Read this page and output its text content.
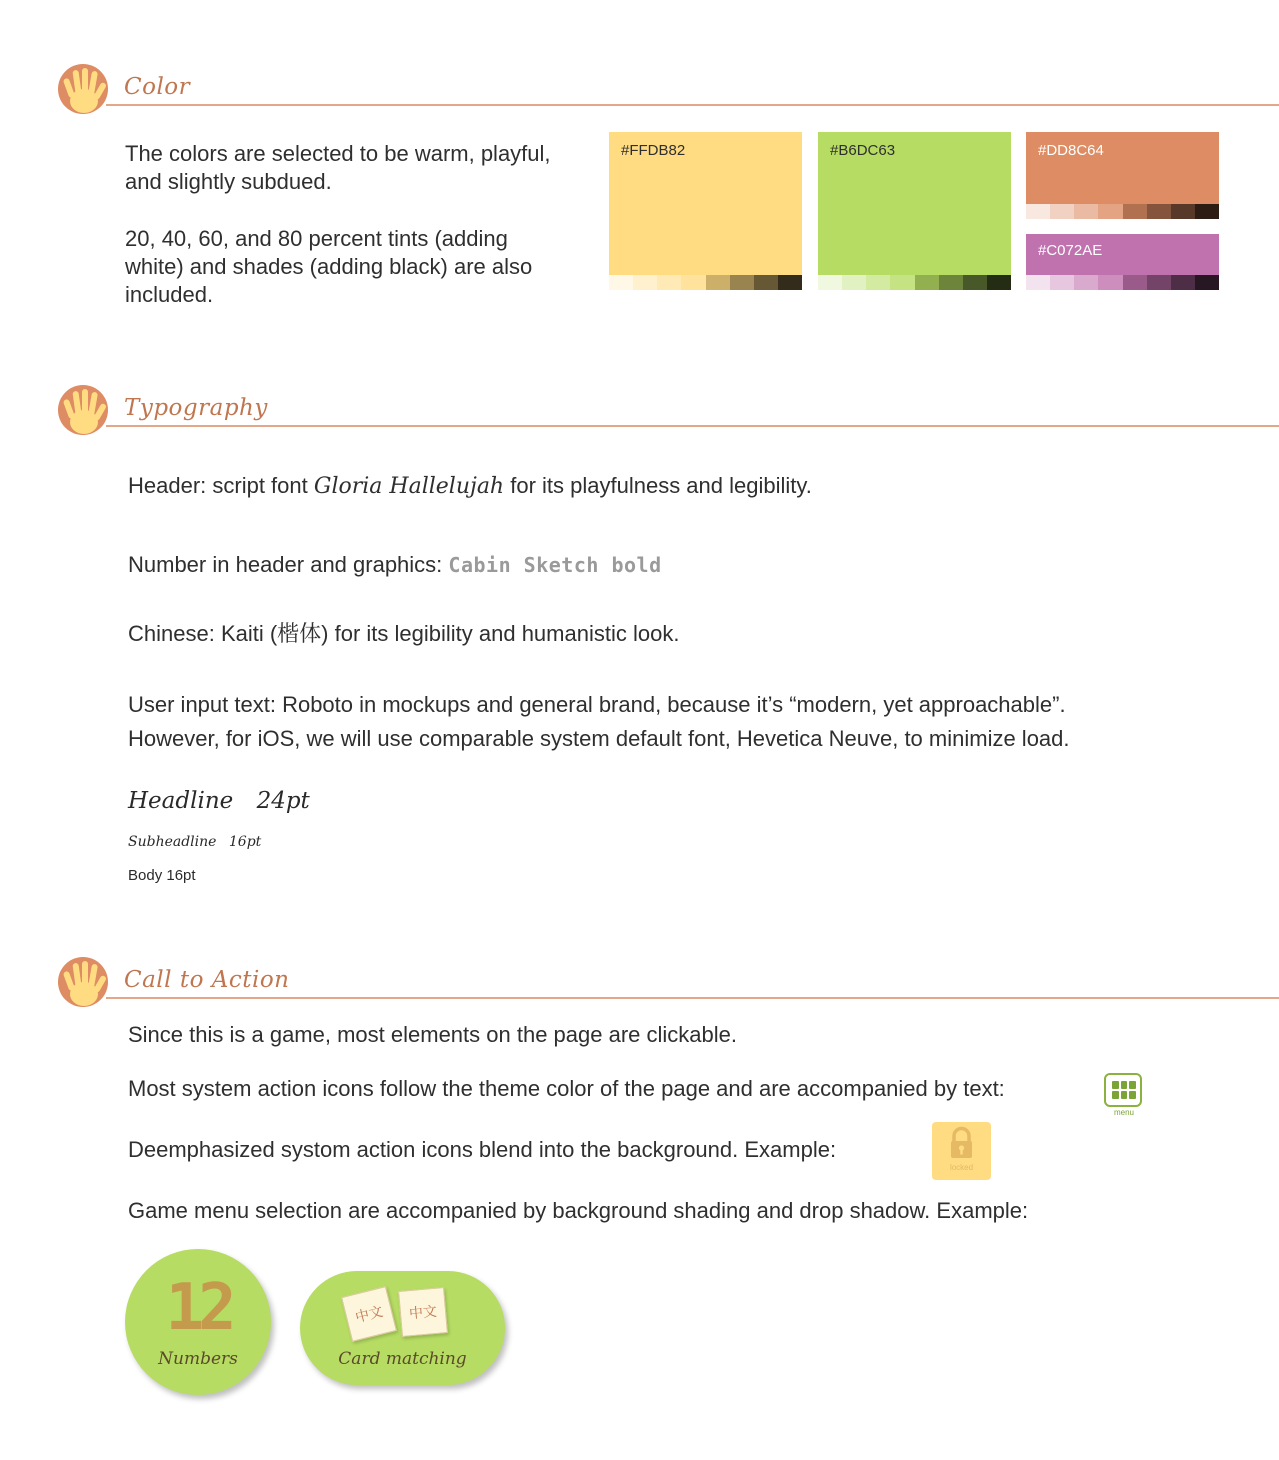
Color
The colors are selected to be warm, playful, and slightly subdued.
20, 40, 60, and 80 percent tints (adding white) and shades (adding black) are also included.
#FFDB82	#B6DC63	#DD8C64
#C072AE
Typography
Header: script font Gloria Hallelujah for its playfulness and legibility.
Number in header and graphics: Cabin Sketch bold
Chinese: Kaiti (楷体) for its legibility and humanistic look.
User input text: Roboto in mockups and general brand, because it’s “modern, yet approachable”.
However, for iOS, we will use comparable system default font, Hevetica Neuve, to minimize load.
Headline 24pt
Subheadline 16pt
Body 16pt
Call to Action
Since this is a game, most elements on the page are clickable.
Most system action icons follow the theme color of the page and are accompanied by text:
menu
Deemphasized systom action icons blend into the background. Example:
locked
Game menu selection are accompanied by background shading and drop shadow. Example:
12
Numbers
中文	中文
Card matching
